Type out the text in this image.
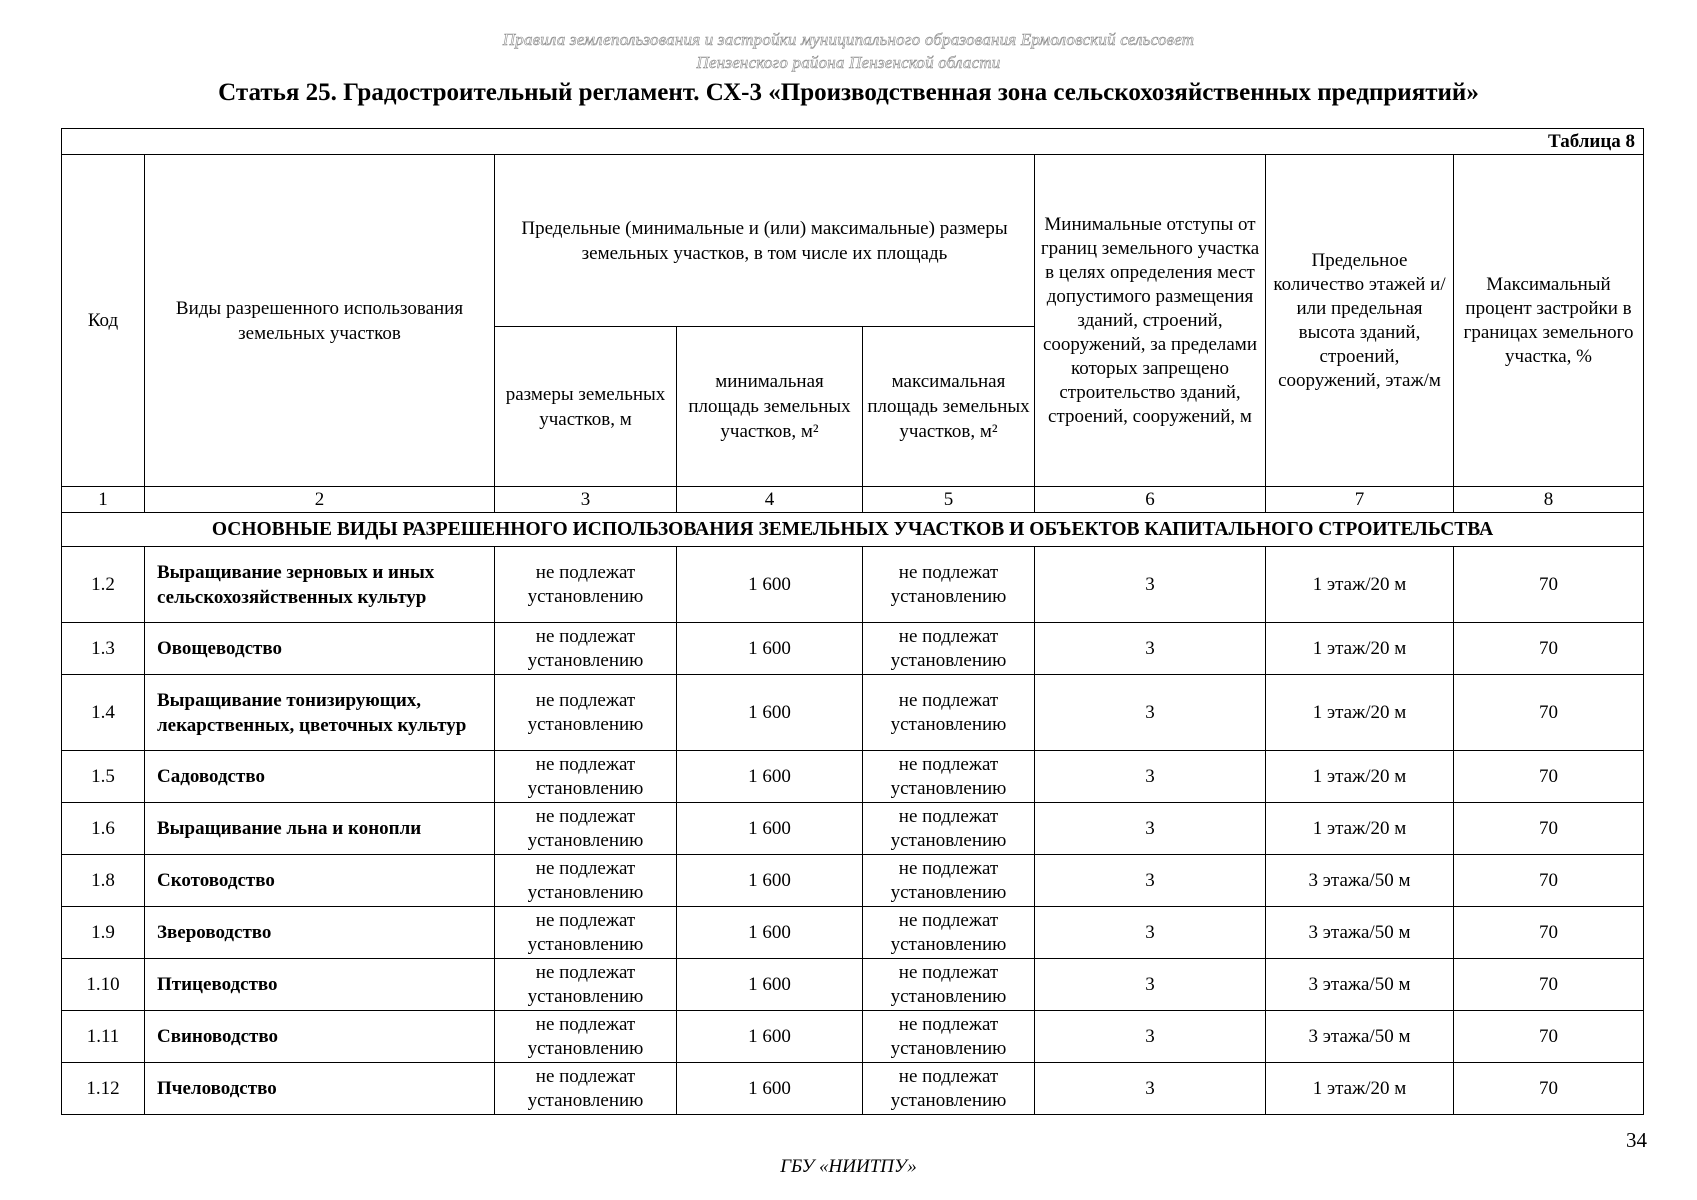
Правила землепользования и застройки муниципального образования Ермоловский сельсовет
Пензенского района Пензенской области
Статья 25. Градостроительный регламент. СХ-3 «Производственная зона сельскохозяйственных предприятий»
Таблица 8							
Код	Виды разрешенного использования земельных участков	Предельные (минимальные и (или) максимальные) размеры земельных участков, в том числе их площадь			Минимальные отступы от границ земельного участка в целях определения мест допустимого размещения зданий, строений, сооружений, за пределами которых запрещено строительство зданий, строений, сооружений, м	Предельное количество этажей и/или предельная высота зданий, строений, сооружений, этаж/м	Максимальный процент застройки в границах земельного участка, %
		размеры земельных участков, м	минимальная площадь земельных участков, м²	максимальная площадь земельных участков, м²			
1	2	3	4	5	6	7	8
ОСНОВНЫЕ ВИДЫ РАЗРЕШЕННОГО ИСПОЛЬЗОВАНИЯ ЗЕМЕЛЬНЫХ УЧАСТКОВ И ОБЪЕКТОВ КАПИТАЛЬНОГО СТРОИТЕЛЬСТВА							
1.2	Выращивание зерновых и иных сельскохозяйственных культур	не подлежат установлению	1 600	не подлежат установлению	3	1 этаж/20 м	70
1.3	Овощеводство	не подлежат установлению	1 600	не подлежат установлению	3	1 этаж/20 м	70
1.4	Выращивание тонизирующих, лекарственных, цветочных культур	не подлежат установлению	1 600	не подлежат установлению	3	1 этаж/20 м	70
1.5	Садоводство	не подлежат установлению	1 600	не подлежат установлению	3	1 этаж/20 м	70
1.6	Выращивание льна и конопли	не подлежат установлению	1 600	не подлежат установлению	3	1 этаж/20 м	70
1.8	Скотоводство	не подлежат установлению	1 600	не подлежат установлению	3	3 этажа/50 м	70
1.9	Звероводство	не подлежат установлению	1 600	не подлежат установлению	3	3 этажа/50 м	70
1.10	Птицеводство	не подлежат установлению	1 600	не подлежат установлению	3	3 этажа/50 м	70
1.11	Свиноводство	не подлежат установлению	1 600	не подлежат установлению	3	3 этажа/50 м	70
1.12	Пчеловодство	не подлежат установлению	1 600	не подлежат установлению	3	1 этаж/20 м	70
34
ГБУ «НИИТПУ»
